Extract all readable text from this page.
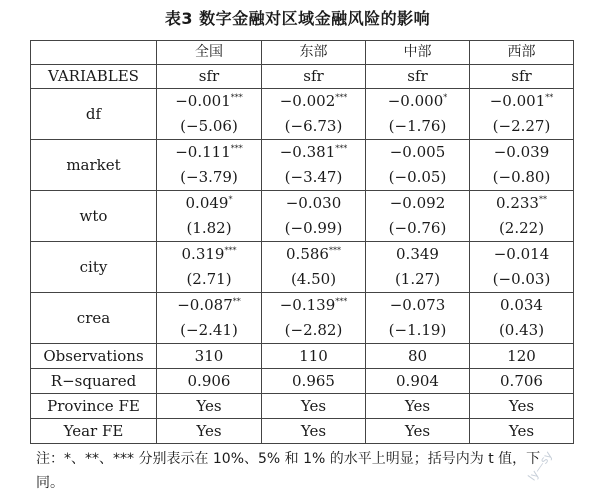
表3 数字金融对区域金融风险的影响
	全国	东部	中部	西部
VARIABLES	sfr	sfr	sfr	sfr
df	−0.001***	−0.002***	−0.000*	−0.001**
	(−5.06)	(−6.73)	(−1.76)	(−2.27)
market	−0.111***	−0.381***	−0.005	−0.039
	(−3.79)	(−3.47)	(−0.05)	(−0.80)
wto	0.049*	−0.030	−0.092	0.233**
	(1.82)	(−0.99)	(−0.76)	(2.22)
city	0.319***	0.586***	0.349	−0.014
	(2.71)	(4.50)	(1.27)	(−0.03)
crea	−0.087**	−0.139***	−0.073	0.034
	(−2.41)	(−2.82)	(−1.19)	(0.43)
Observations	310	110	80	120
R−squared	0.906	0.965	0.904	0.706
Province FE	Yes	Yes	Yes	Yes
Year FE	Yes	Yes	Yes	Yes
注：*、**、*** 分别表示在 10%、5% 和 1% 的水平上明显；括号内为 t 值，下同。	ly—sy
